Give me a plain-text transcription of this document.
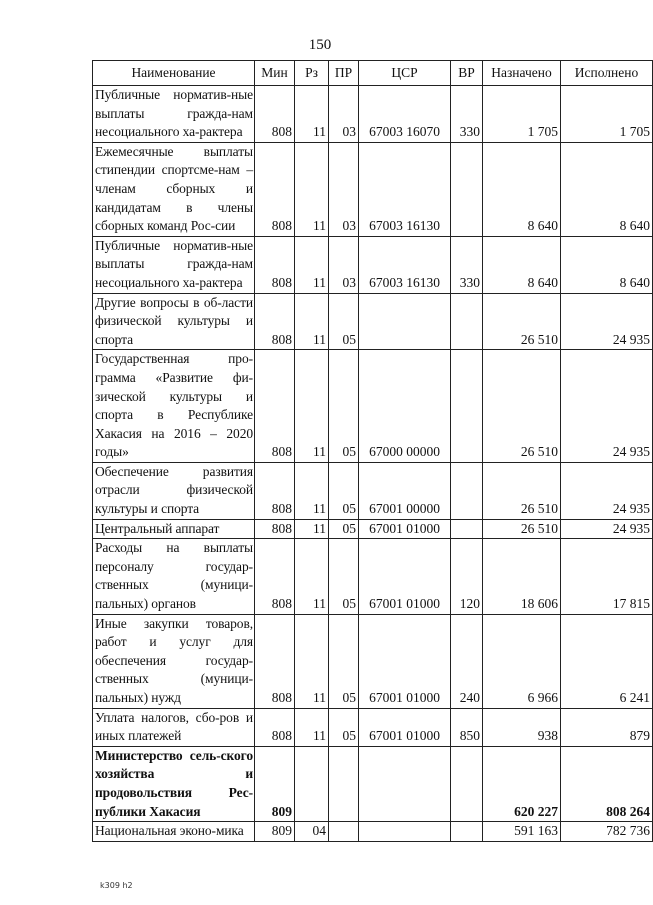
150
Наименование	Мин	Рз	ПР	ЦСР	ВР	Назначено	Исполнено
Публичные норматив-ные выплаты гражда-нам несоциального ха-рактера	808	11	03	67003 16070	330	1 705	1 705
Ежемесячные выплаты стипендии спортсме-нам – членам сборных и кандидатам в члены сборных команд Рос-сии	808	11	03	67003 16130		8 640	8 640
Публичные норматив-ные выплаты гражда-нам несоциального ха-рактера	808	11	03	67003 16130	330	8 640	8 640
Другие вопросы в об-ласти физической культуры и спорта	808	11	05			26 510	24 935
Государственная про-грамма «Развитие фи-зической культуры и спорта в Республике Хакасия на 2016 – 2020 годы»	808	11	05	67000 00000		26 510	24 935
Обеспечение развития отрасли физической культуры и спорта	808	11	05	67001 00000		26 510	24 935
Центральный аппарат	808	11	05	67001 01000		26 510	24 935
Расходы на выплаты персоналу государ-ственных (муници-пальных) органов	808	11	05	67001 01000	120	18 606	17 815
Иные закупки товаров, работ и услуг для обеспечения государ-ственных (муници-пальных) нужд	808	11	05	67001 01000	240	6 966	6 241
Уплата налогов, сбо-ров и иных платежей	808	11	05	67001 01000	850	938	879
Министерство сель-ского хозяйства и продовольствия Рес-публики Хакасия	809					620 227	808 264
Национальная эконо-мика	809	04				591 163	782 736
k309 h2
